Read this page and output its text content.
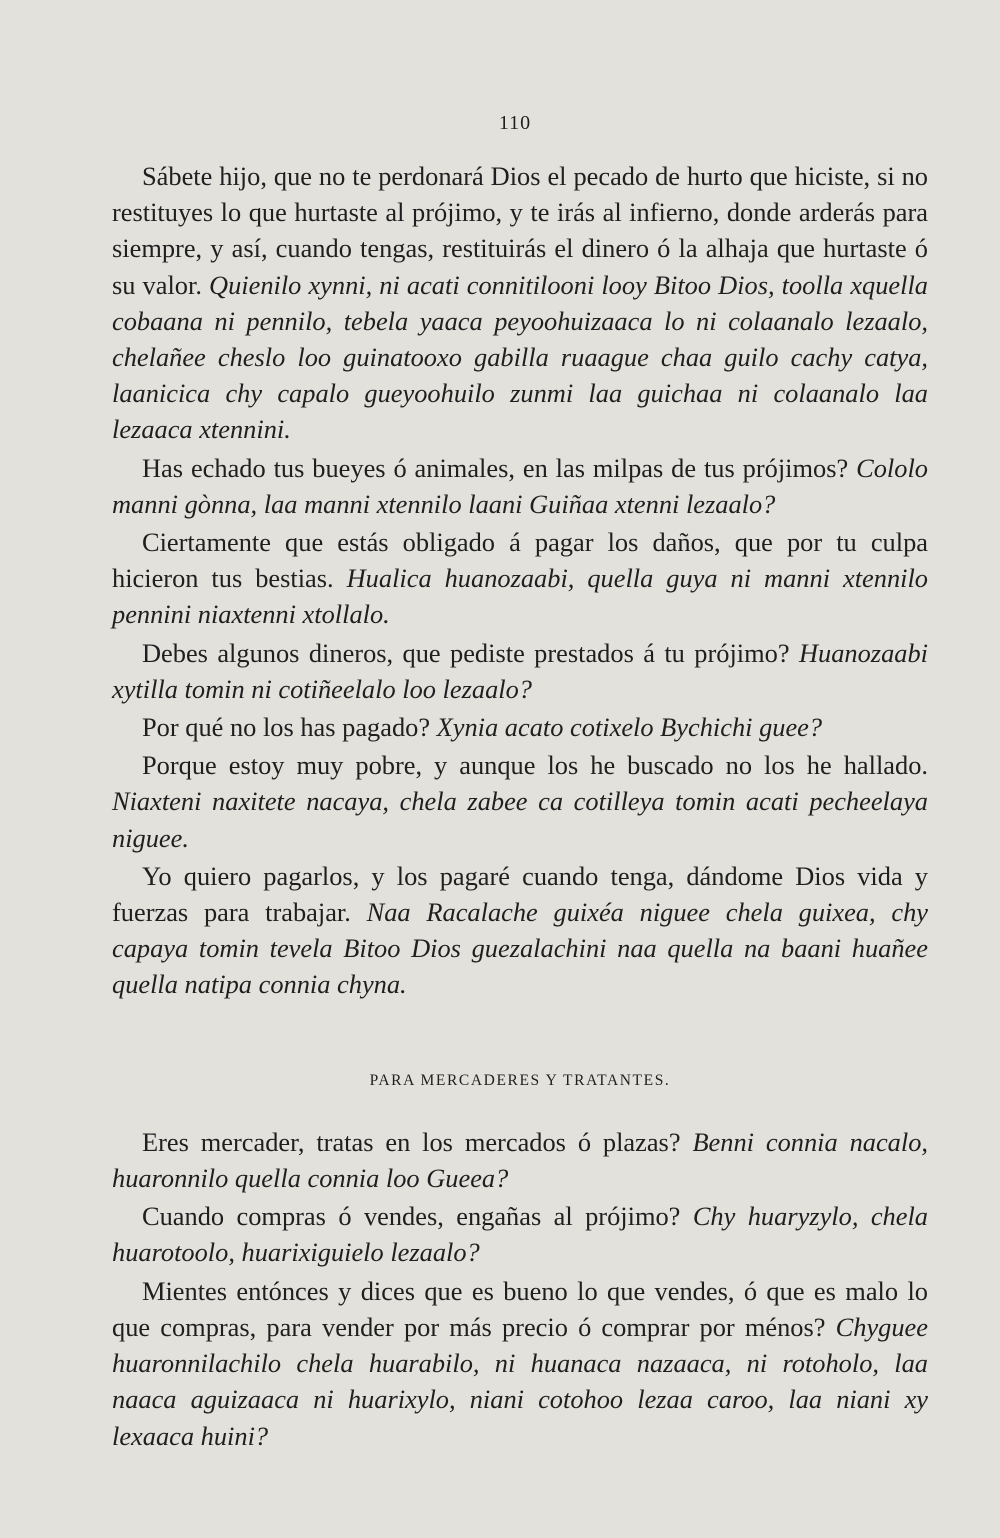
110

Sábete hijo, que no te perdonará Dios el pecado de hurto que hiciste, si no restituyes lo que hurtaste al prójimo, y te irás al infierno, donde arderás para siempre, y así, cuando tengas, restituirás el dinero ó la alhaja que hurtaste ó su valor. Quienilo xynni, ni acati connitilooni looy Bitoo Dios, toolla xquella cobaana ni pennilo, tebela yaaca peyoohuizaaca lo ni colaanalo lezaalo, chelañee cheslo loo guinatooxo gabilla ruaague chaa guilo cachy catya, laanicica chy capalo gueyoohuilo zunmi laa guichaa ni colaanalo laa lezaaca xtennini.

Has echado tus bueyes ó animales, en las milpas de tus prójimos? Cololo manni gònna, laa manni xtennilo laani Guiñaa xtenni lezaalo?

Ciertamente que estás obligado á pagar los daños, que por tu culpa hicieron tus bestias. Hualica huanozaabi, quella guya ni manni xtennilo pennini niaxtenni xtollalo.

Debes algunos dineros, que pediste prestados á tu prójimo? Huanozaabi xytilla tomin ni cotiñeelalo loo lezaalo?

Por qué no los has pagado? Xynia acato cotixelo Bychichi guee?

Porque estoy muy pobre, y aunque los he buscado no los he hallado. Niaxteni naxitete nacaya, chela zabee ca cotilleya tomin acati pecheelaya niguee.

Yo quiero pagarlos, y los pagaré cuando tenga, dándome Dios vida y fuerzas para trabajar. Naa Racalache guixéa niguee chela guixea, chy capaya tomin tevela Bitoo Dios guezalachini naa quella na baani huañee quella natipa connia chyna.

PARA MERCADERES Y TRATANTES.

Eres mercader, tratas en los mercados ó plazas? Benni connia nacalo, huaronnilo quella connia loo Gueea?

Cuando compras ó vendes, engañas al prójimo? Chy huaryzylo, chela huarotoolo, huarixiguielo lezaalo?

Mientes entónces y dices que es bueno lo que vendes, ó que es malo lo que compras, para vender por más precio ó comprar por ménos? Chyguee huaronnilachilo chela huarabilo, ni huanaca nazaaca, ni rotoholo, laa naaca aguizaaca ni huarixylo, niani cotohoo lezaa caroo, laa niani xy lexaaca huini?
